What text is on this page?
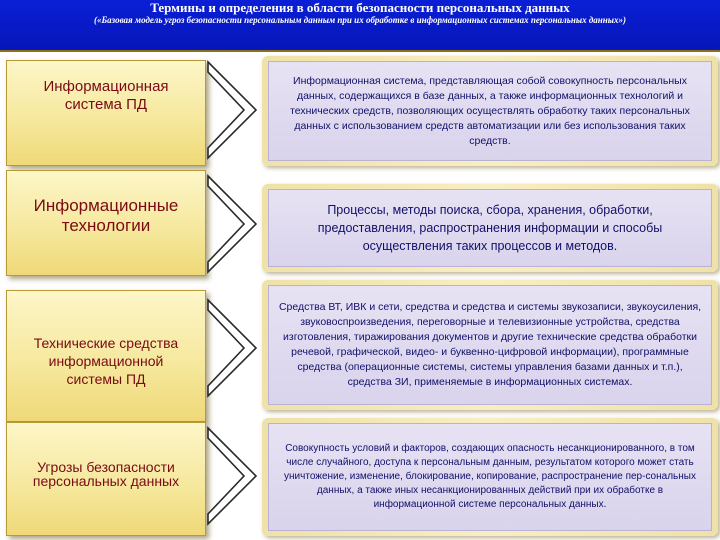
Термины и определения в области безопасности персональных данных
(«Базовая модель угроз безопасности персональным данным при их обработке в информационных системах персональных данных»)
Информационная система ПД
Информационная система, представляющая собой совокупность персональных данных, содержащихся в базе данных, а также информационных технологий и технических средств, позволяющих осуществлять обработку таких персональных данных с использованием средств автоматизации или без использования таких средств.
Информационные технологии
Процессы, методы поиска, сбора, хранения, обработки, предоставления, распространения информации и способы осуществления таких процессов и методов.
Технические средства информационной системы ПД
Средства ВТ, ИВК и сети, средства и средства и системы звукозаписи, звукоусиления, звуковоспроизведения, переговорные и телевизионные устройства, средства изготовления, тиражирования документов и другие технические средства обработки речевой, графической, видео- и буквенно-цифровой информации), программные средства (операционные системы, системы управления базами данных и т.п.), средства ЗИ, применяемые в информационных системах.
Угрозы безопасности персональных данных
Совокупность условий и факторов, создающих опасность несанкционированного, в том числе случайного, доступа к персональным данным, результатом которого может стать уничтожение, изменение, блокирование, копирование, распространение пер-сональных данных, а также иных несанкционированных действий при их обработке в информационной системе персональных данных.
